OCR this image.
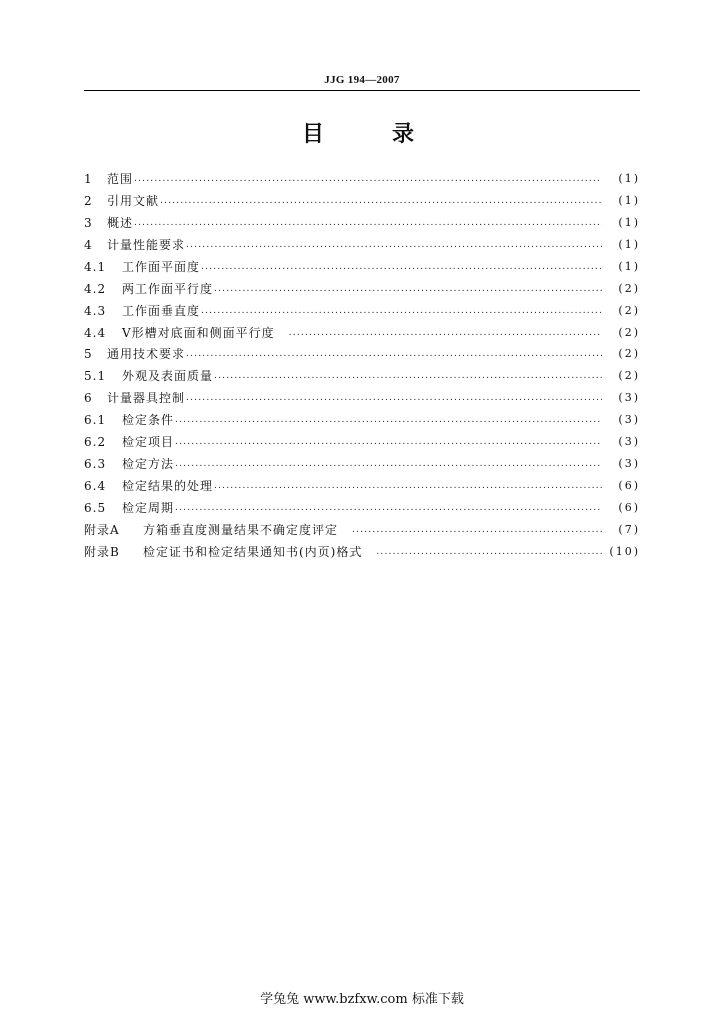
JJG 194—2007
目　　录
1	范围 .....	(1)
2	引用文献 .....	(1)
3	概述 .....	(1)
4	计量性能要求 .....	(1)
4.1	工作面平面度 .....	(1)
4.2	两工作面平行度 .....	(2)
4.3	工作面垂直度 .....	(2)
4.4	V形槽对底面和侧面平行度 .....	(2)
5	通用技术要求 .....	(2)
5.1	外观及表面质量 .....	(2)
6	计量器具控制 .....	(3)
6.1	检定条件 .....	(3)
6.2	检定项目 .....	(3)
6.3	检定方法 .....	(3)
6.4	检定结果的处理 .....	(6)
6.5	检定周期 .....	(6)
附录A	方箱垂直度测量结果不确定度评定 .....	(7)
附录B	检定证书和检定结果通知书(内页)格式 .....	(10)
学兔兔 www.bzfxw.com 标准下载
